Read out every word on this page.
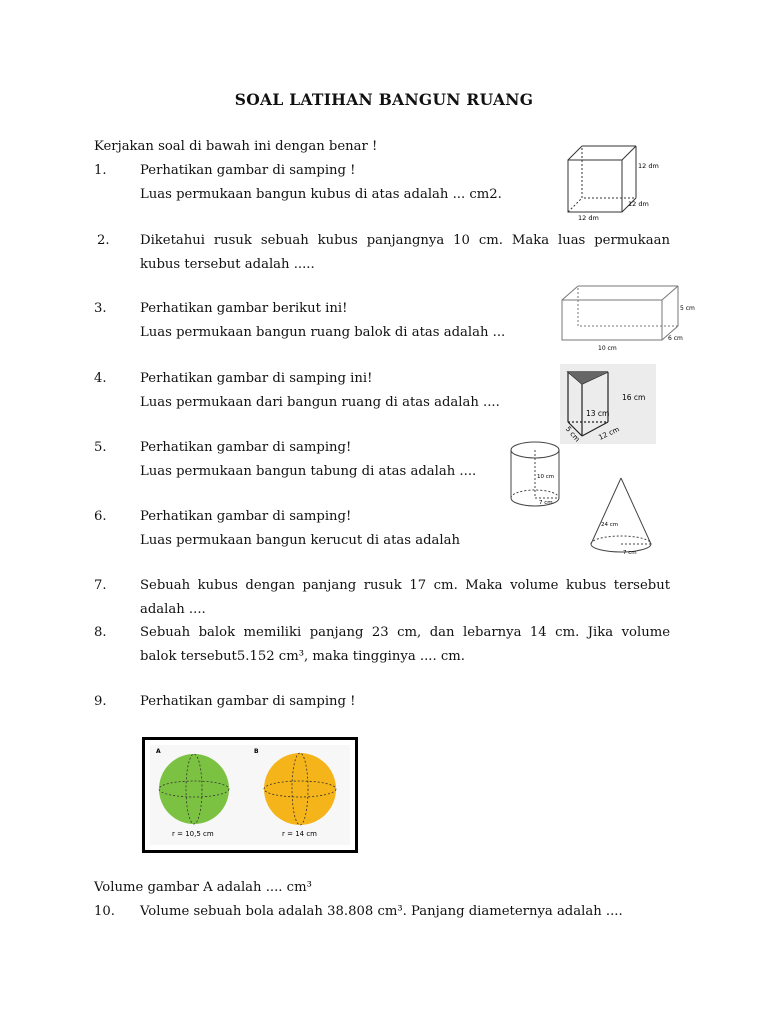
SOAL LATIHAN BANGUN RUANG
Kerjakan soal di bawah ini dengan benar !
1.	Perhatikan gambar di samping !
Luas permukaan bangun kubus di atas adalah ... cm2.
2. Diketahui rusuk sebuah kubus panjangnya 10 cm. Maka luas permukaan
kubus tersebut adalah .....
3.	Perhatikan gambar berikut ini!
Luas permukaan bangun ruang balok di atas adalah ...
4.	Perhatikan gambar di samping ini!
Luas permukaan dari bangun ruang di atas adalah ....
5.	Perhatikan gambar di samping!
Luas permukaan bangun tabung di atas adalah ....
6.	Perhatikan gambar di samping!
Luas permukaan bangun kerucut di atas adalah
7.	Sebuah kubus dengan panjang rusuk 17 cm. Maka volume kubus tersebut
adalah ....
8.	Sebuah balok memiliki panjang 23 cm, dan lebarnya 14 cm. Jika volume
balok tersebut5.152 cm³, maka tingginya .... cm.
9.	Perhatikan gambar di samping !
Volume gambar A adalah .... cm³
10. Volume sebuah bola adalah 38.808 cm³. Panjang diameternya adalah ....
12 dm
12 dm
12 dm
5 cm
6 cm
10 cm
16 cm
13 cm
5 cm 12 cm
10 cm
7 cm
24 cm
7 cm
A
r = 10,5 cm
B
r = 14 cm
